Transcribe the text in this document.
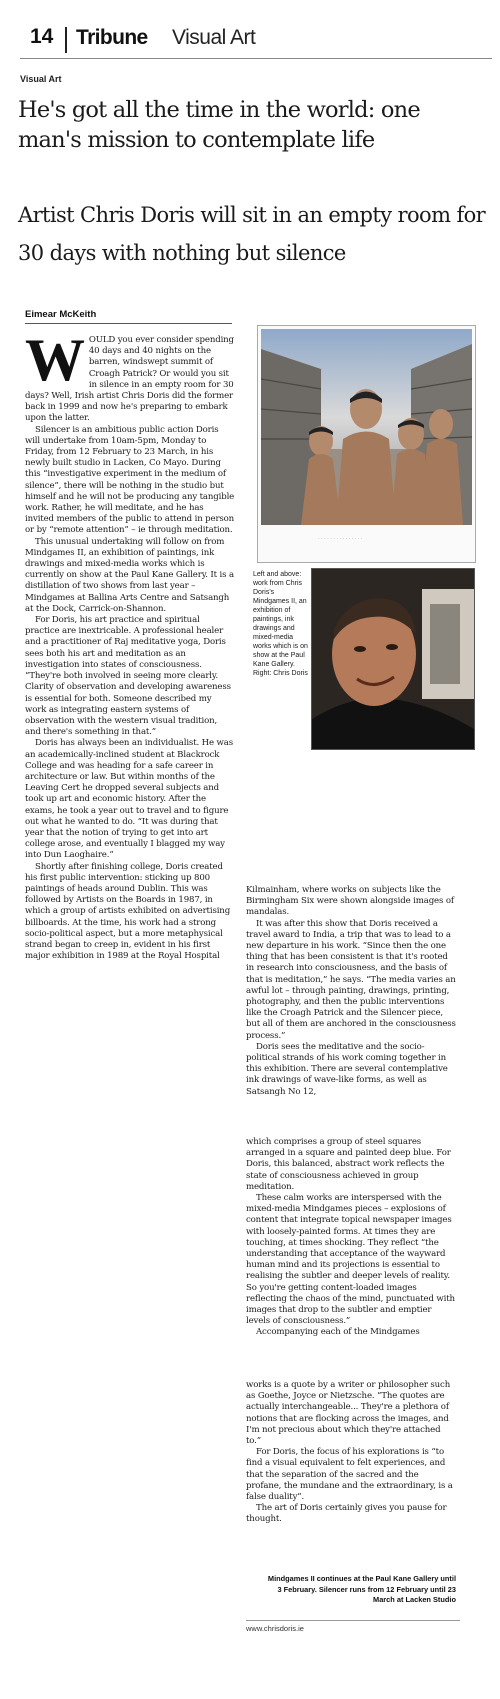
14 Tribune Visual Art
Visual Art
He's got all the time in the world: one man's mission to contemplate life
Artist Chris Doris will sit in an empty room for 30 days with nothing but silence
Eimear McKeith
W OULD you ever consider spending 40 days and 40 nights on the barren, windswept summit of Croagh Patrick? Or would you sit in silence in an empty room for 30 days? Well, Irish artist Chris Doris did the former back in 1999 and now he's preparing to embark upon the latter.

Silencer is an ambitious public action Doris will undertake from 10am-5pm, Monday to Friday, from 12 February to 23 March, in his newly built studio in Lacken, Co Mayo. During this “investigative experiment in the medium of silence”, there will be nothing in the studio but himself and he will not be producing any tangible work. Rather, he will meditate, and he has invited members of the public to attend in person or by “remote attention” – ie through meditation.

This unusual undertaking will follow on from Mindgames II, an exhibition of paintings, ink drawings and mixed-media works which is currently on show at the Paul Kane Gallery. It is a distillation of two shows from last year – Mindgames at Ballina Arts Centre and Satsangh at the Dock, Carrick-on-Shannon.

For Doris, his art practice and spiritual practice are inextricable. A professional healer and a practitioner of Raj meditative yoga, Doris sees both his art and meditation as an investigation into states of consciousness. “They're both involved in seeing more clearly. Clarity of observation and developing awareness is essential for both. Someone described my work as integrating eastern systems of observation with the western visual tradition, and there's something in that.”

Doris has always been an individualist. He was an academically-inclined student at Blackrock College and was heading for a safe career in architecture or law. But within months of the Leaving Cert he dropped several subjects and took up art and economic history. After the exams, he took a year out to travel and to figure out what he wanted to do. “It was during that year that the notion of trying to get into art college arose, and eventually I blagged my way into Dun Laoghaire.”

Shortly after finishing college, Doris created his first public intervention: sticking up 800 paintings of heads around Dublin. This was followed by Artists on the Boards in 1987, in which a group of artists exhibited on advertising billboards. At the time, his work had a strong socio-political aspect, but a more metaphysical strand began to creep in, evident in his first major exhibition in 1989 at the Royal Hospital

· · · · · · · · · · · · · · ·
Left and above: work from Chris Doris's Mindgames II, an exhibition of paintings, ink drawings and mixed-media works which is on show at the Paul Kane Gallery. Right: Chris Doris

Kilmainham, where works on subjects like the Birmingham Six were shown alongside images of mandalas.

It was after this show that Doris received a travel award to India, a trip that was to lead to a new departure in his work. “Since then the one thing that has been consistent is that it's rooted in research into consciousness, and the basis of that is meditation,” he says. “The media varies an awful lot – through painting, drawings, printing, photography, and then the public interventions like the Croagh Patrick and the Silencer piece, but all of them are anchored in the consciousness process.”

Doris sees the meditative and the socio-political strands of his work coming together in this exhibition. There are several contemplative ink drawings of wave-like forms, as well as Satsangh No 12,

which comprises a group of steel squares arranged in a square and painted deep blue. For Doris, this balanced, abstract work reflects the state of consciousness achieved in group meditation.

These calm works are interspersed with the mixed-media Mindgames pieces – explosions of content that integrate topical newspaper images with loosely-painted forms. At times they are touching, at times shocking. They reflect “the understanding that acceptance of the wayward human mind and its projections is essential to realising the subtler and deeper levels of reality. So you're getting content-loaded images reflecting the chaos of the mind, punctuated with images that drop to the subtler and emptier levels of consciousness.”

Accompanying each of the Mindgames

works is a quote by a writer or philosopher such as Goethe, Joyce or Nietzsche. “The quotes are actually interchangeable... They're a plethora of notions that are flocking across the images, and I'm not precious about which they're attached to.”

For Doris, the focus of his explorations is “to find a visual equivalent to felt experiences, and that the separation of the sacred and the profane, the mundane and the extraordinary, is a false duality”.

The art of Doris certainly gives you pause for thought.

Mindgames II continues at the Paul Kane Gallery until 3 February. Silencer runs from 12 February until 23 March at Lacken Studio
www.chrisdoris.ie
